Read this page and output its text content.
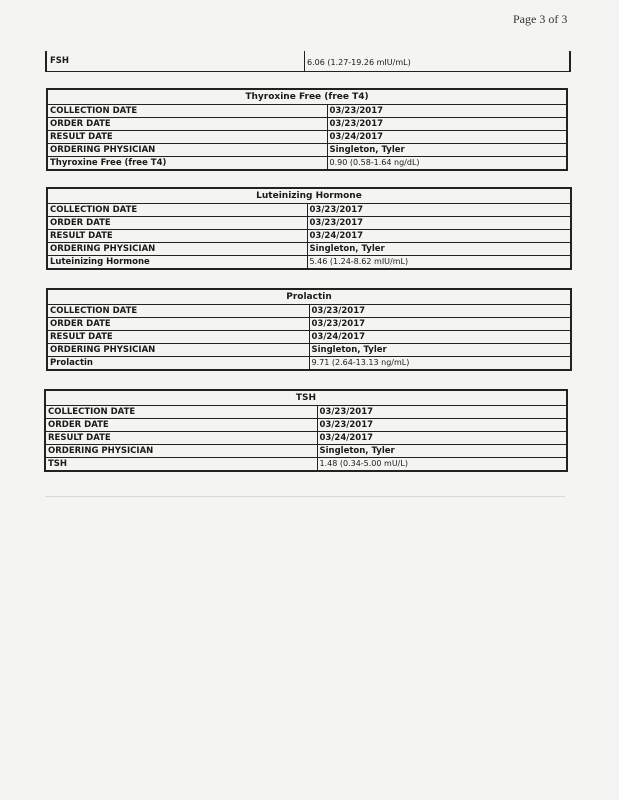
Page 3 of 3
FSH	6.06 (1.27-19.26 mIU/mL)
Thyroxine Free (free T4)	
COLLECTION DATE	03/23/2017
ORDER DATE	03/23/2017
RESULT DATE	03/24/2017
ORDERING PHYSICIAN	Singleton, Tyler
Thyroxine Free (free T4)	0.90 (0.58-1.64 ng/dL)
Luteinizing Hormone	
COLLECTION DATE	03/23/2017
ORDER DATE	03/23/2017
RESULT DATE	03/24/2017
ORDERING PHYSICIAN	Singleton, Tyler
Luteinizing Hormone	5.46 (1.24-8.62 mIU/mL)
Prolactin	
COLLECTION DATE	03/23/2017
ORDER DATE	03/23/2017
RESULT DATE	03/24/2017
ORDERING PHYSICIAN	Singleton, Tyler
Prolactin	9.71 (2.64-13.13 ng/mL)
TSH	
COLLECTION DATE	03/23/2017
ORDER DATE	03/23/2017
RESULT DATE	03/24/2017
ORDERING PHYSICIAN	Singleton, Tyler
TSH	1.48 (0.34-5.00 mU/L)
